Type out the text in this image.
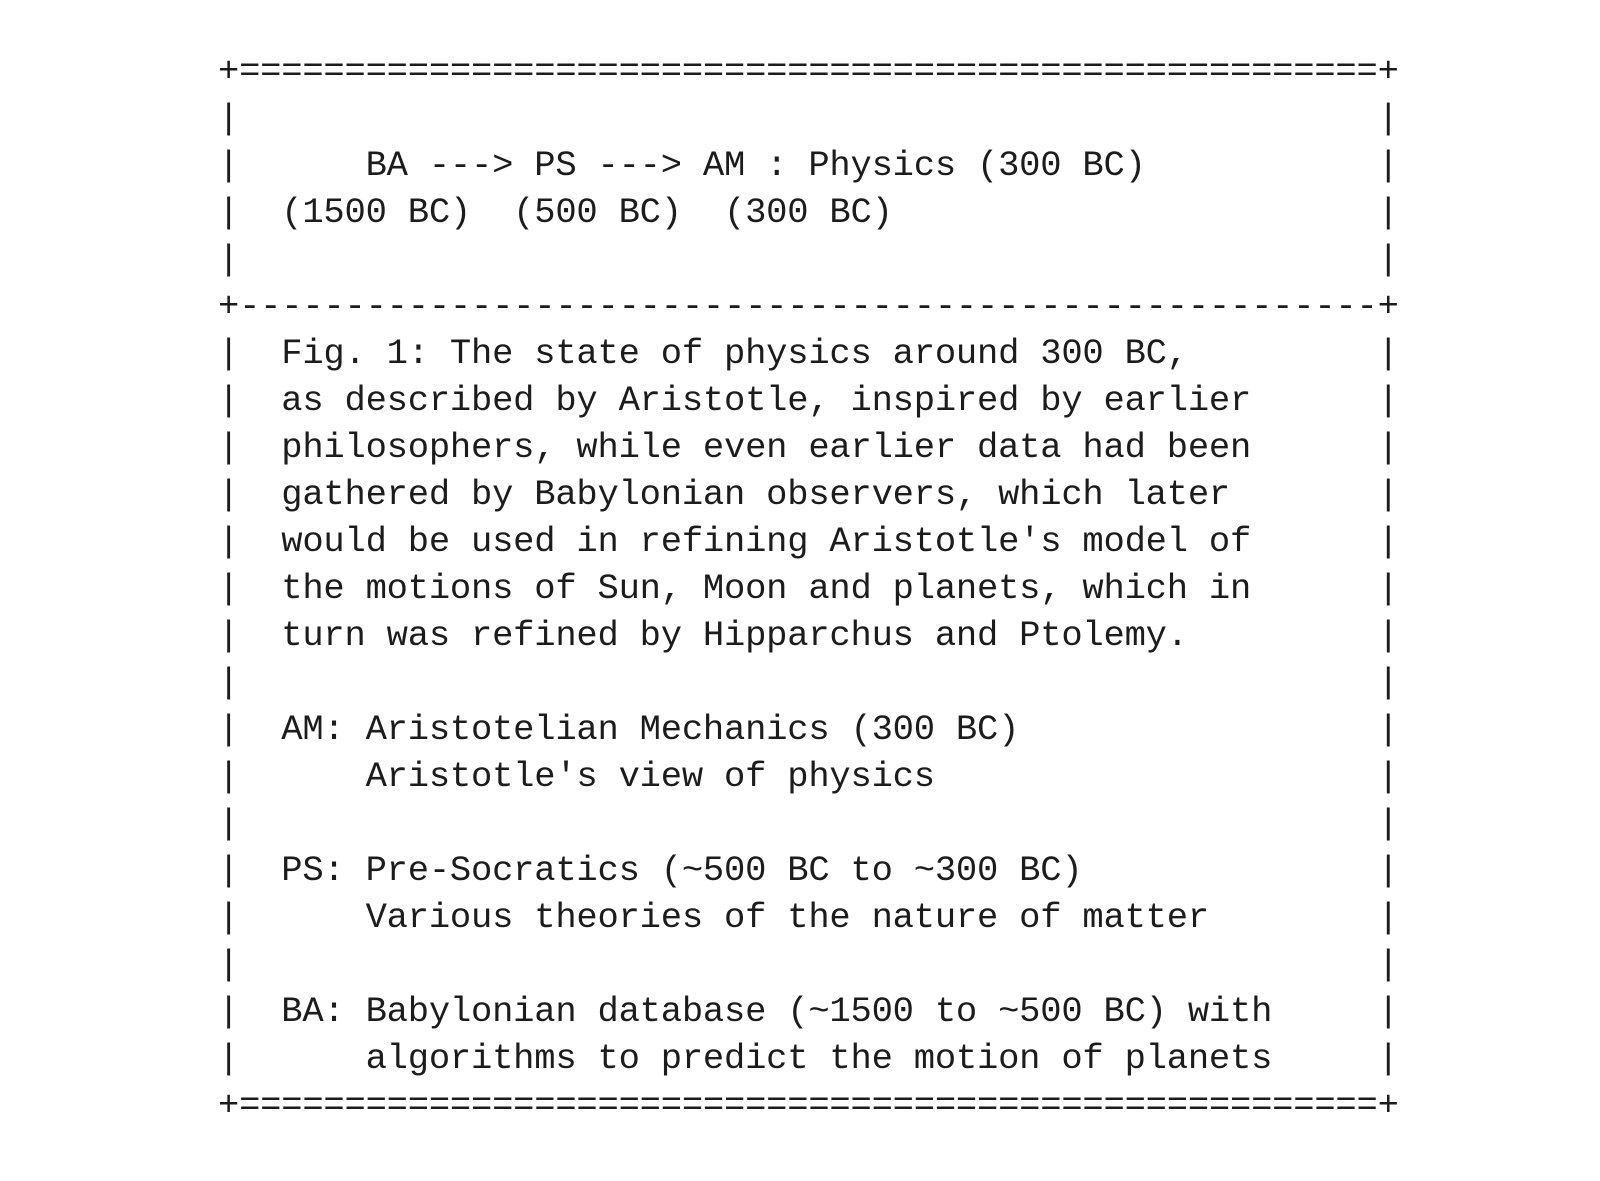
+======================================================+
|                                                      |
|      BA ---> PS ---> AM : Physics (300 BC)           |
|  (1500 BC)  (500 BC)  (300 BC)                       |
|                                                      |
+------------------------------------------------------+
|  Fig. 1: The state of physics around 300 BC,         |
|  as described by Aristotle, inspired by earlier      |
|  philosophers, while even earlier data had been      |
|  gathered by Babylonian observers, which later       |
|  would be used in refining Aristotle's model of      |
|  the motions of Sun, Moon and planets, which in      |
|  turn was refined by Hipparchus and Ptolemy.         |
|                                                      |
|  AM: Aristotelian Mechanics (300 BC)                 |
|      Aristotle's view of physics                     |
|                                                      |
|  PS: Pre-Socratics (~500 BC to ~300 BC)              |
|      Various theories of the nature of matter        |
|                                                      |
|  BA: Babylonian database (~1500 to ~500 BC) with     |
|      algorithms to predict the motion of planets     |
+======================================================+
